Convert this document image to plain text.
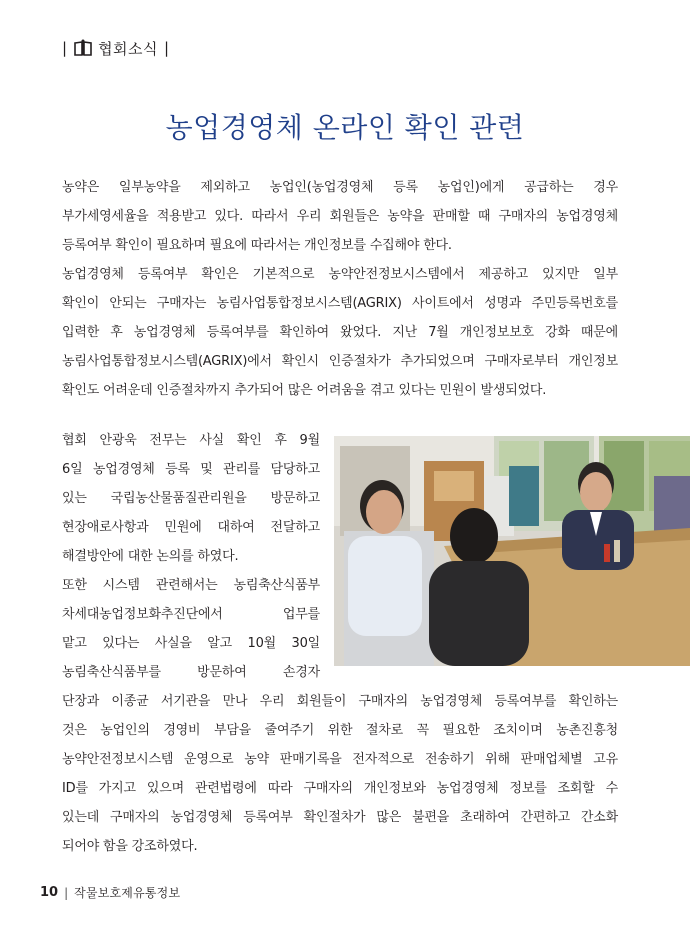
| 협회소식 |
농업경영체 온라인 확인 관련
농약은 일부농약을 제외하고 농업인(농업경영체 등록 농업인)에게 공급하는 경우
부가세영세율을 적용받고 있다. 따라서 우리 회원들은 농약을 판매할 때 구매자의 농업경영체
등록여부 확인이 필요하며 필요에 따라서는 개인정보를 수집해야 한다.
농업경영체 등록여부 확인은 기본적으로 농약안전정보시스템에서 제공하고 있지만 일부
확인이 안되는 구매자는 농림사업통합정보시스템(AGRIX) 사이트에서 성명과 주민등록번호를
입력한 후 농업경영체 등록여부를 확인하여 왔었다. 지난 7월 개인정보보호 강화 때문에
농림사업통합정보시스템(AGRIX)에서 확인시 인증절차가 추가되었으며 구매자로부터 개인정보
확인도 어려운데 인증절차까지 추가되어 많은 어려움을 겪고 있다는 민원이 발생되었다.
협회 안광욱 전무는 사실 확인 후 9월
6일 농업경영체 등록 및 관리를 담당하고
있는 국립농산물품질관리원을 방문하고
현장애로사항과 민원에 대하여 전달하고
해결방안에 대한 논의를 하였다.
또한 시스템 관련해서는 농림축산식품부
차세대농업정보화추진단에서 업무를
맡고 있다는 사실을 알고 10월 30일
농림축산식품부를 방문하여 손경자
단장과 이종균 서기관을 만나 우리 회원들이 구매자의 농업경영체 등록여부를 확인하는
것은 농업인의 경영비 부담을 줄여주기 위한 절차로 꼭 필요한 조치이며 농촌진흥청
농약안전정보시스템 운영으로 농약 판매기록을 전자적으로 전송하기 위해 판매업체별 고유
ID를 가지고 있으며 관련법령에 따라 구매자의 개인정보와 농업경영체 정보를 조회할 수
있는데 구매자의 농업경영체 등록여부 확인절차가 많은 불편을 초래하여 간편하고 간소화
되어야 함을 강조하였다.
10 | 작물보호제유통정보
